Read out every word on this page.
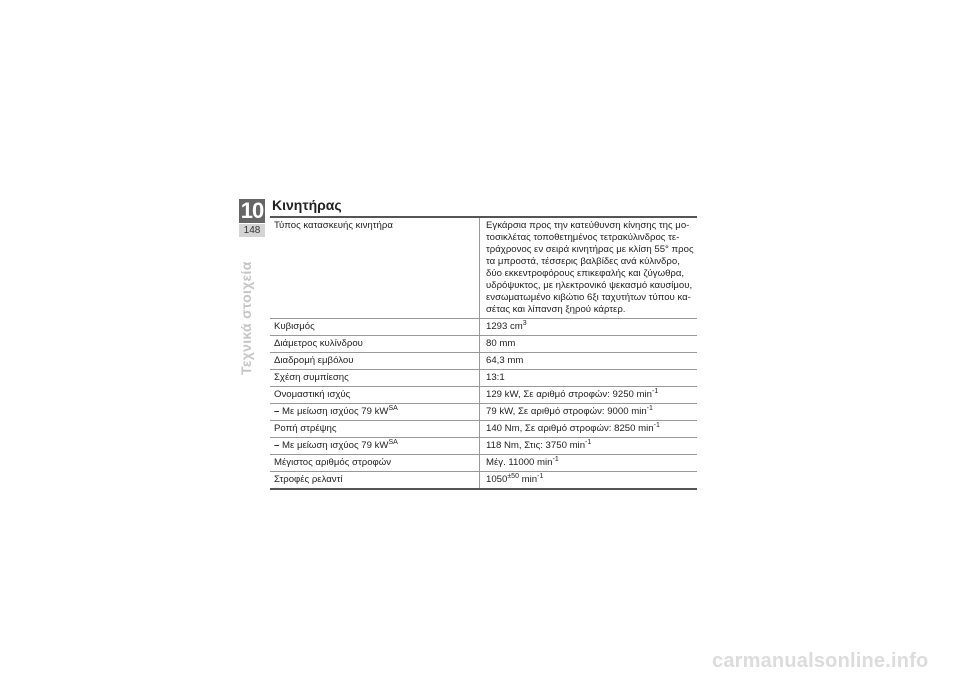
10
148
Τεχνικά στοιχεία
Κινητήρας
Τύπος κατασκευής κινητήρα	Εγκάρσια προς την κατεύθυνση κίνησης της μο-τοσικλέτας τοποθετημένος τετρακύλινδρος τε-τράχρονος εν σειρά κινητήρας με κλίση 55° προς τα μπροστά, τέσσερις βαλβίδες ανά κύλινδρο, δύο εκκεντροφόρους επικεφαλής και ζύγωθρα, υδρόψυκτος, με ηλεκτρονικό ψεκασμό καυσίμου, ενσωματωμένο κιβώτιο 6ξι ταχυτήτων τύπου κα-σέτας και λίπανση ξηρού κάρτερ.
Κυβισμός	1293 $cm^3$
Διάμετρος κυλίνδρου	80 mm
Διαδρομή εμβόλου	64,3 mm
Σχέση συμπίεσης	13:1
Ονομαστική ισχύς	129 kW, Σε αριθμό στροφών: 9250 $\min^{-1}$
– Με μείωση ισχύος 79 $kW^{SA}$	79 kW, Σε αριθμό στροφών: 9000 $\min^{-1}$
Ροπή στρέψης	140 Nm, Σε αριθμό στροφών: 8250 $\min^{-1}$
– Με μείωση ισχύος 79 $kW^{SA}$	118 Nm, Στις: 3750 $\min^{-1}$
Μέγιστος αριθμός στροφών	Μέγ. 11000 $\min^{-1}$
Στροφές ρελαντί	$1050^{\pm 50}$ $\min^{-1}$
carmanualsonline.info
